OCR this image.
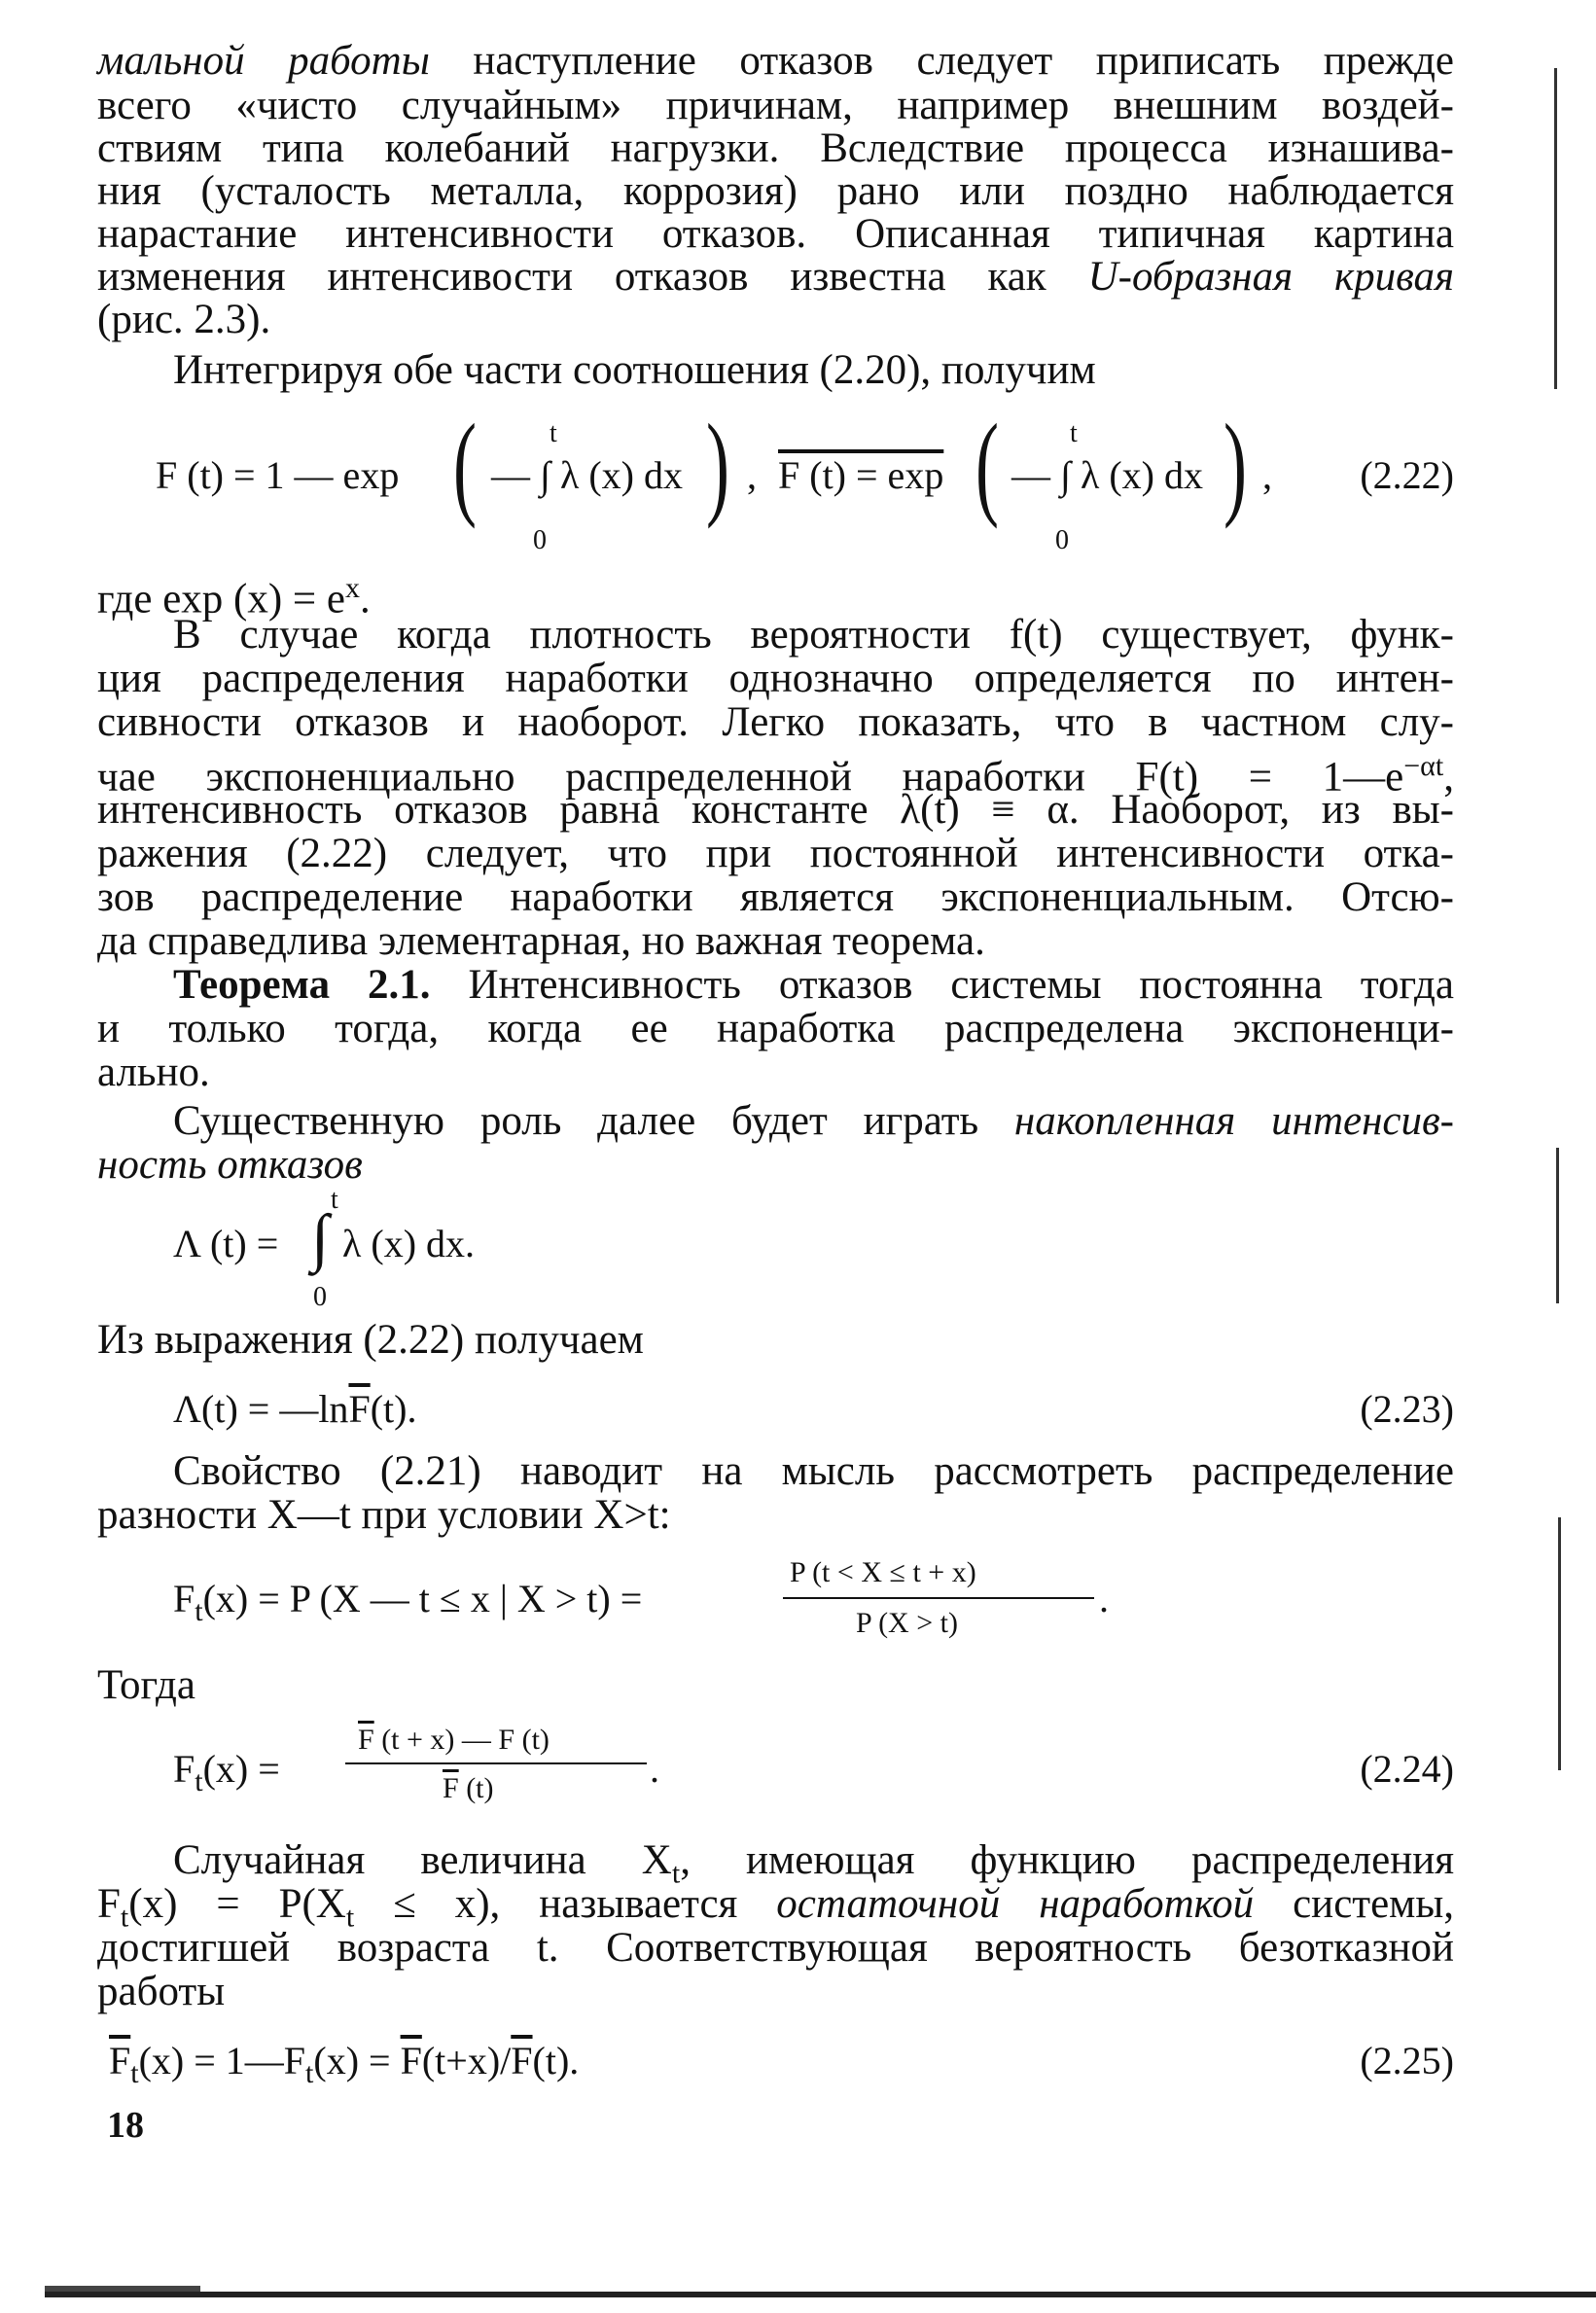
мальной работы наступление отказов следует приписать прежде
всего «чисто случайным» причинам, например внешним воздей-
ствиям типа колебаний нагрузки. Вследствие процесса изнашива-
ния (усталость металла, коррозия) рано или поздно наблюдается
нарастание интенсивности отказов. Описанная типичная картина
изменения интенсивости отказов известна как U-образная кривая
(рис. 2.3).
Интегрируя обе части соотношения (2.20), получим
F (t) = 1 — exp ( — ∫ λ (x) dx
t
0
) , F (t) = exp ( — ∫ λ (x) dx
t
0
) , (2.22)
где $\exp (x) = e^x$.
В случае когда плотность вероятности f(t) существует, функ-
ция распределения наработки однозначно определяется по интен-
сивности отказов и наоборот. Легко показать, что в частном слу-
чае экспоненциально распределенной наработки $F(t) = 1—e^{-\alpha t}$,
интенсивность отказов равна константе λ(t) ≡ α. Наоборот, из вы-
ражения (2.22) следует, что при постоянной интенсивности отка-
зов распределение наработки является экспоненциальным. Отсю-
да справедлива элементарная, но важная теорема.
Теорема 2.1. Интенсивность отказов системы постоянна тогда
и только тогда, когда ее наработка распределена экспоненци-
ально.
Существенную роль далее будет играть накопленная интенсив-
ность отказов
Λ (t) = ∫
t
0
λ (x) dx.
Из выражения (2.22) получаем
$\Lambda(t) = —\ln\overline{F}(t)$.	(2.23)
Свойство (2.21) наводит на мысль рассмотреть распределение
разности X—t при условии X>t:
$F_t(x) = P$ (X — t ≤ x | X > t) =
P (t < X ≤ t + x)
P (X > t)
.
Тогда
$F_t(x)$ =
$\overline{F}$ (t + x) — F (t)
$\overline{F}$ (t)	.	(2.24)
Случайная величина $X_t$, имеющая функцию распределения
$F_t(x) = P(X_t \le x)$, называется остаточной наработкой системы,
достигшей возраста t. Соответствующая вероятность безотказной
работы
$\overline{F}_t(x)$ = $1—F_t(x) = \overline{F}(t+x)/\overline{F}(t)$.	(2.25)
18
